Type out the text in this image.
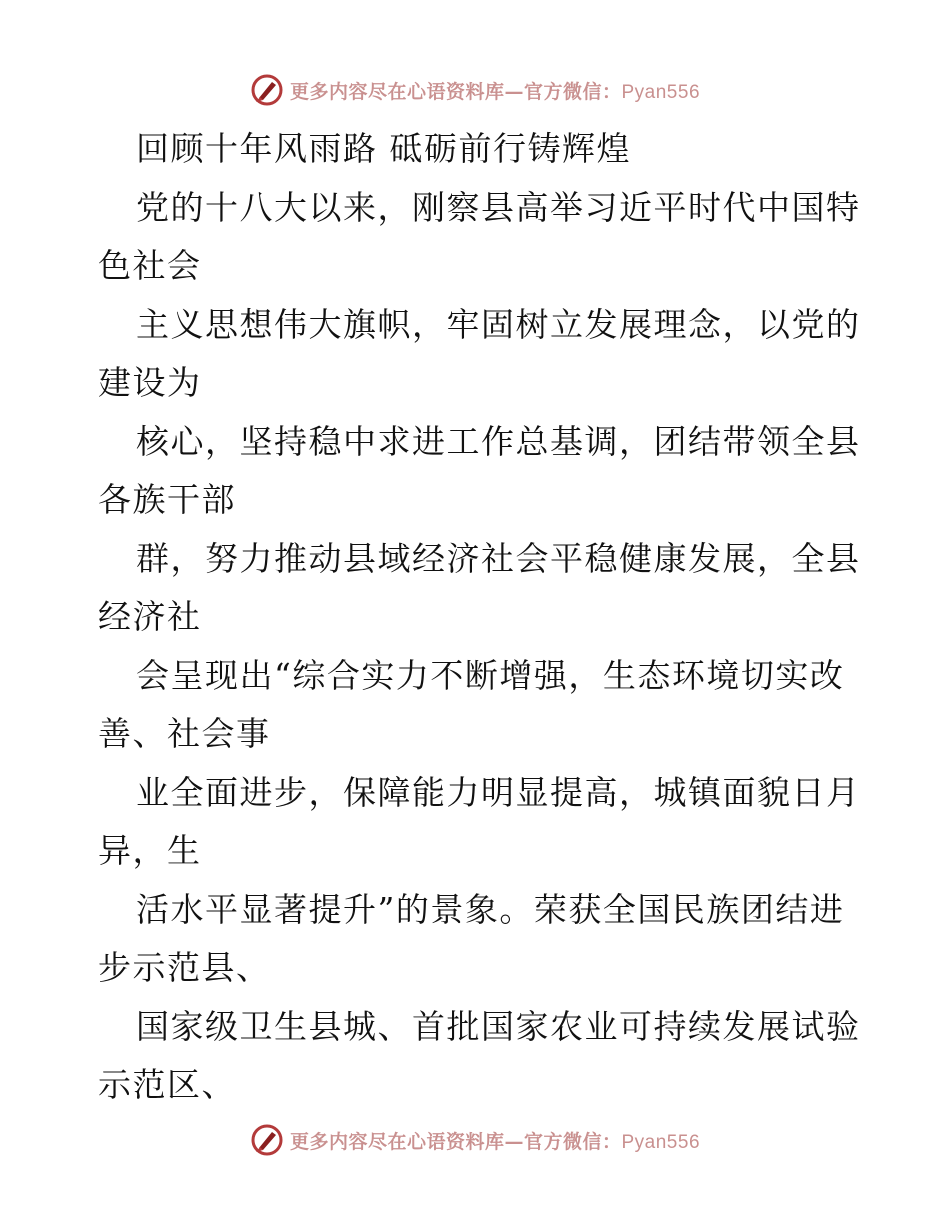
更多内容尽在心语资料库—官方微信：Pyan556
回顾十年风雨路 砥砺前行铸辉煌
党的十八大以来，刚察县高举习近平时代中国特
色社会
主义思想伟大旗帜，牢固树立发展理念，以党的
建设为
核心，坚持稳中求进工作总基调，团结带领全县
各族干部
群，努力推动县域经济社会平稳健康发展，全县
经济社
会呈现出“综合实力不断增强，生态环境切实改
善、社会事
业全面进步，保障能力明显提高，城镇面貌日月
异，生
活水平显著提升”的景象。荣获全国民族团结进
步示范县、
国家级卫生县城、首批国家农业可持续发展试验
示范区、
更多内容尽在心语资料库—官方微信：Pyan556
